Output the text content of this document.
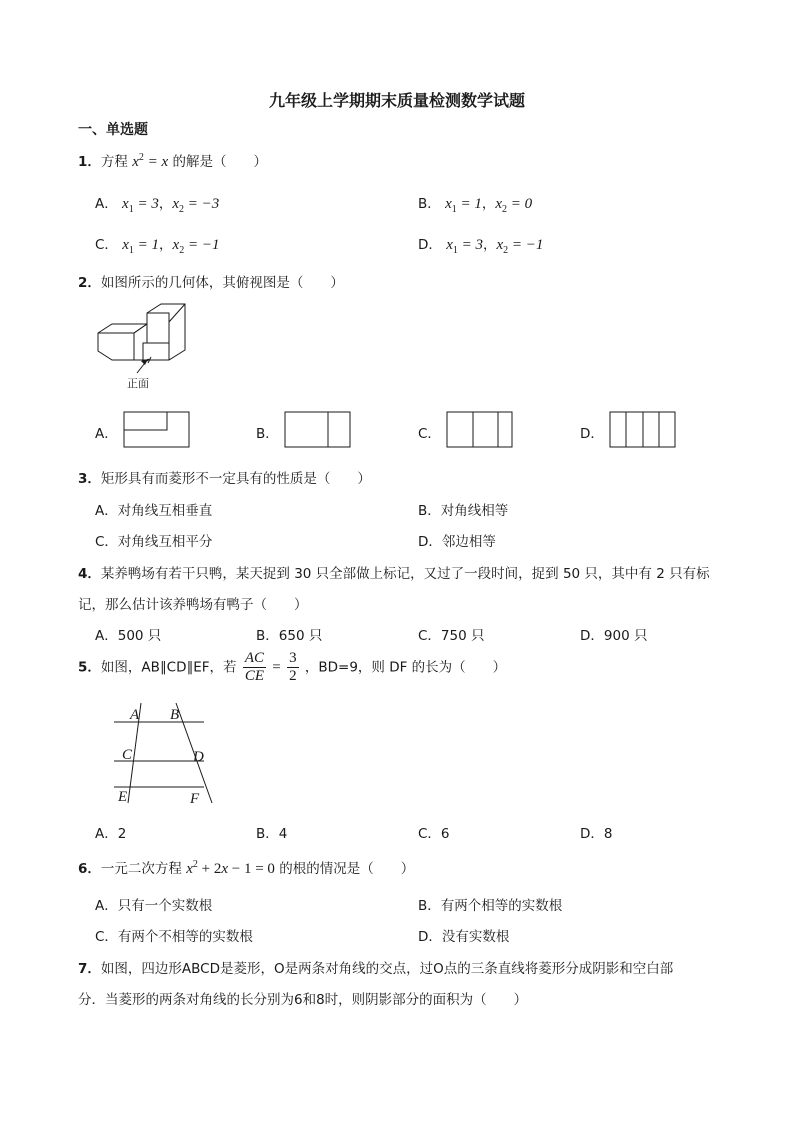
九年级上学期期末质量检测数学试题
一、单选题
1．方程 $x^2 = x$ 的解是（　　）
A． $x_1 = 3$，$x_2 = -3$	B． $x_1 = 1$，$x_2 = 0$
C． $x_1 = 1$，$x_2 = -1$	D． $x_1 = 3$，$x_2 = -1$
2．如图所示的几何体，其俯视图是（　　）
正面
A．	B．	C．	D．
3．矩形具有而菱形不一定具有的性质是（　　）
A．对角线互相垂直	B．对角线相等
C．对角线互相平分	D．邻边相等
4．某养鸭场有若干只鸭，某天捉到 30 只全部做上标记，又过了一段时间，捉到 50 只，其中有 2 只有标
记，那么估计该养鸭场有鸭子（　　）
A．500 只	B．650 只	C．750 只	D．900 只
5．如图，AB∥CD∥EF，若 $\frac{AC}{CE} = \frac{3}{2}$ ，BD=9，则 DF 的长为（　　）
A B
C	D
E	F
A．2	B．4	C．6	D．8
6．一元二次方程 $x^2 + 2x - 1 = 0$ 的根的情况是（　　）
A．只有一个实数根	B．有两个相等的实数根
C．有两个不相等的实数根	D．没有实数根
7．如图，四边形ABCD是菱形，O是两条对角线的交点，过O点的三条直线将菱形分成阴影和空白部
分．当菱形的两条对角线的长分别为6和8时，则阴影部分的面积为（　　）
